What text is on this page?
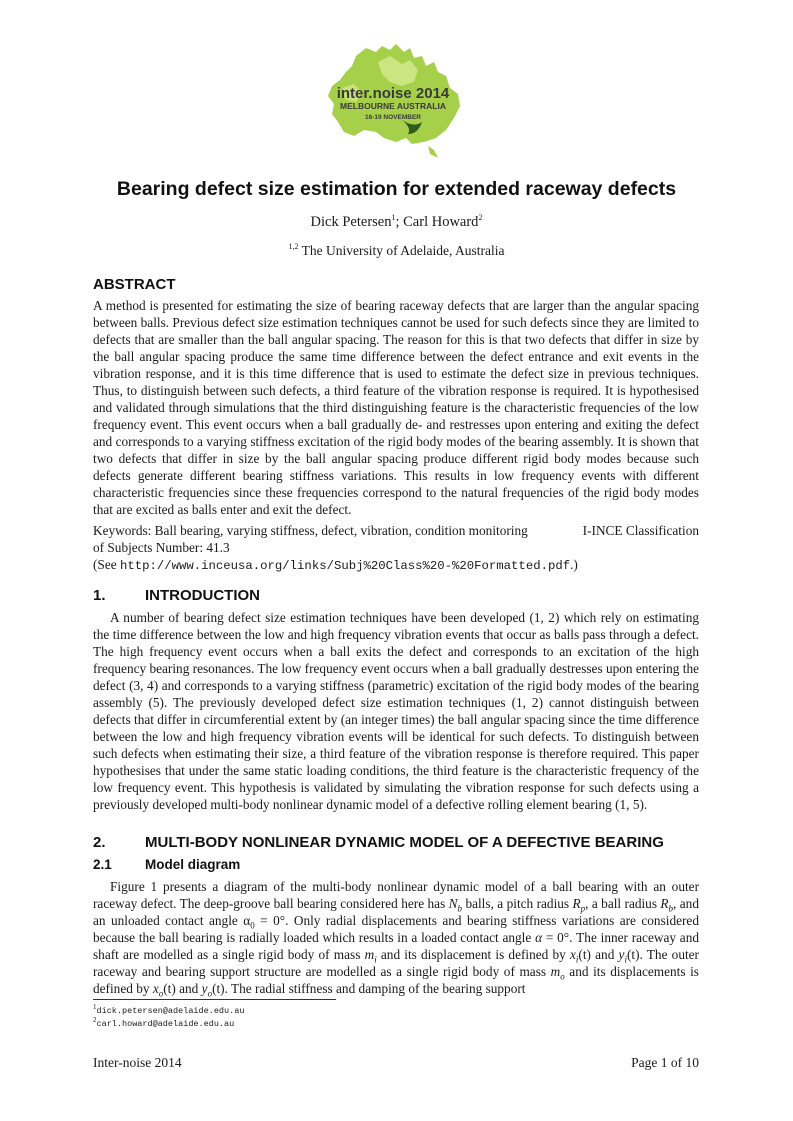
inter.noise 2014
MELBOURNE AUSTRALIA
16-19 NOVEMBER
Bearing defect size estimation for extended raceway defects
Dick Petersen$^1$; Carl Howard$^2$
$^{1,2}$ The University of Adelaide, Australia
ABSTRACT

A method is presented for estimating the size of bearing raceway defects that are larger than the angular spacing between balls. Previous defect size estimation techniques cannot be used for such defects since they are limited to defects that are smaller than the ball angular spacing. The reason for this is that two defects that differ in size by the ball angular spacing produce the same time difference between the defect entrance and exit events in the vibration response, and it is this time difference that is used to estimate the defect size in previous techniques. Thus, to distinguish between such defects, a third feature of the vibration response is required. It is hypothesised and validated through simulations that the third distinguishing feature is the characteristic frequencies of the low frequency event. This event occurs when a ball gradually de- and restresses upon entering and exiting the defect and corresponds to a varying stiffness excitation of the rigid body modes of the bearing assembly. It is shown that two defects that differ in size by the ball angular spacing produce different rigid body modes because such defects generate different bearing stiffness variations. This results in low frequency events with different characteristic frequencies since these frequencies correspond to the natural frequencies of the rigid body modes that are excited as balls enter and exit the defect.

Keywords: Ball bearing, varying stiffness, defect, vibration, condition monitoring	I-INCE Classification
of Subjects Number: 41.3
(See http://www.inceusa.org/links/Subj%20Class%20-%20Formatted.pdf.)
1.	INTRODUCTION

A number of bearing defect size estimation techniques have been developed (1, 2) which rely on estimating the time difference between the low and high frequency vibration events that occur as balls pass through a defect. The high frequency event occurs when a ball exits the defect and corresponds to an excitation of the high frequency bearing resonances. The low frequency event occurs when a ball gradually destresses upon entering the defect (3, 4) and corresponds to a varying stiffness (parametric) excitation of the rigid body modes of the bearing assembly (5). The previously developed defect size estimation techniques (1, 2) cannot distinguish between defects that differ in circumferential extent by (an integer times) the ball angular spacing since the time difference between the low and high frequency vibration events will be identical for such defects. To distinguish between such defects when estimating their size, a third feature of the vibration response is therefore required. This paper hypothesises that under the same static loading conditions, the third feature is the characteristic frequency of the low frequency event. This hypothesis is validated by simulating the vibration response for such defects using a previously developed multi-body nonlinear dynamic model of a defective rolling element bearing (1, 5).

2.	MULTI-BODY NONLINEAR DYNAMIC MODEL OF A DEFECTIVE BEARING
2.1 Model diagram

Figure 1 presents a diagram of the multi-body nonlinear dynamic model of a ball bearing with an outer raceway defect. The deep-groove ball bearing considered here has $N_b$ balls, a pitch radius $R_p$, a ball radius $R_b$, and an unloaded contact angle $\alpha_0 = 0^\circ$. Only radial displacements and bearing stiffness variations are considered because the ball bearing is radially loaded which results in a loaded contact angle α = 0°. The inner raceway and shaft are modelled as a single rigid body of mass $m_i$ and its displacement is defined by $x_i(t)$ and $y_i(t)$. The outer raceway and bearing support structure are modelled as a single rigid body of mass $m_o$ and its displacements is defined by $x_o(t)$ and $y_o(t)$. The radial stiffness and damping of the bearing support

$^1$dick.petersen@adelaide.edu.au
$^2$carl.howard@adelaide.edu.au
Inter-noise 2014	Page 1 of 10
